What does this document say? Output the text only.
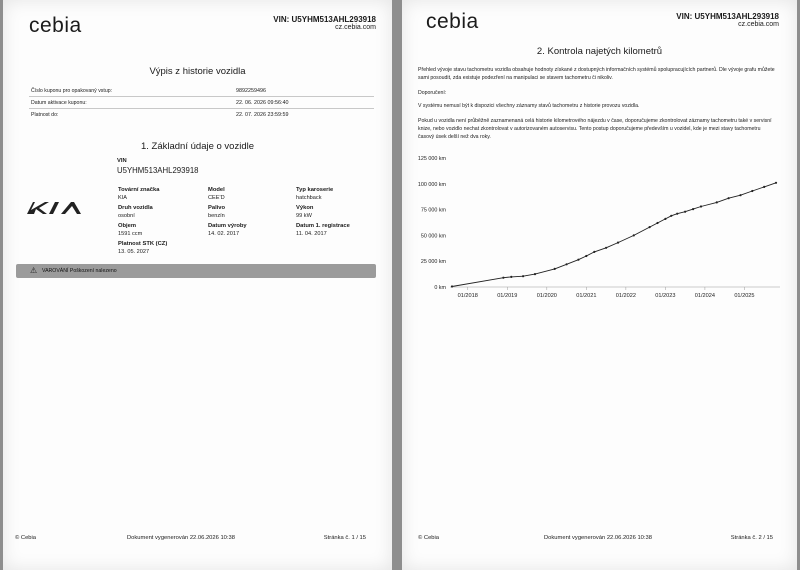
cebia	VIN: U5YHM513AHL293918
cz.cebia.com
Výpis z historie vozidla
Číslo kuponu pro opakovaný vstup:	9892259496
Datum aktivace kuponu:	22. 06. 2026 09:56:40
Platnost do:	22. 07. 2026 23:59:59
1. Základní údaje o vozidle
VIN
U5YHM513AHL293918
Tovární značka
KIA
Model
CEE'D
Typ karoserie
hatchback
Druh vozidla
osobní
Palivo
benzín
Výkon
99 kW
Objem
1591 ccm
Datum výroby
14. 02. 2017
Datum 1. registrace
11. 04. 2017
Platnost STK (CZ)
13. 05. 2027
⚠ VAROVÁNÍ Poškození nalezeno
© Cebia	Dokument vygenerován 22.06.2026 10:38	Stránka č. 1 / 15
cebia	VIN: U5YHM513AHL293918
cz.cebia.com
2. Kontrola najetých kilometrů
Přehled vývoje stavu tachometru vozidla obsahuje hodnoty získané z dostupných informačních systémů spolupracujících partnerů. Dle vývoje grafu můžete sami posoudit, zda existuje podezření na manipulaci se stavem tachometru či nikoliv.
Doporučení:
V systému nemusí být k dispozici všechny záznamy stavů tachometru z historie provozu vozidla.
Pokud u vozidla není průběžně zaznamenaná celá historie kilometrového nájezdu v čase, doporučujeme zkontrolovat záznamy tachometru také v servisní knize, nebo vozidlo nechat zkontrolovat v autorizovaném autoservisu. Tento postup doporučujeme především u vozidel, kde je mezi stavy tachometru časový úsek delší než dva roky.
0 km
25 000 km
50 000 km
75 000 km
100 000 km
125 000 km
01/2018	01/2019	01/2020	01/2021	01/2022	01/2023	01/2024	01/2025
© Cebia	Dokument vygenerován 22.06.2026 10:38	Stránka č. 2 / 15
